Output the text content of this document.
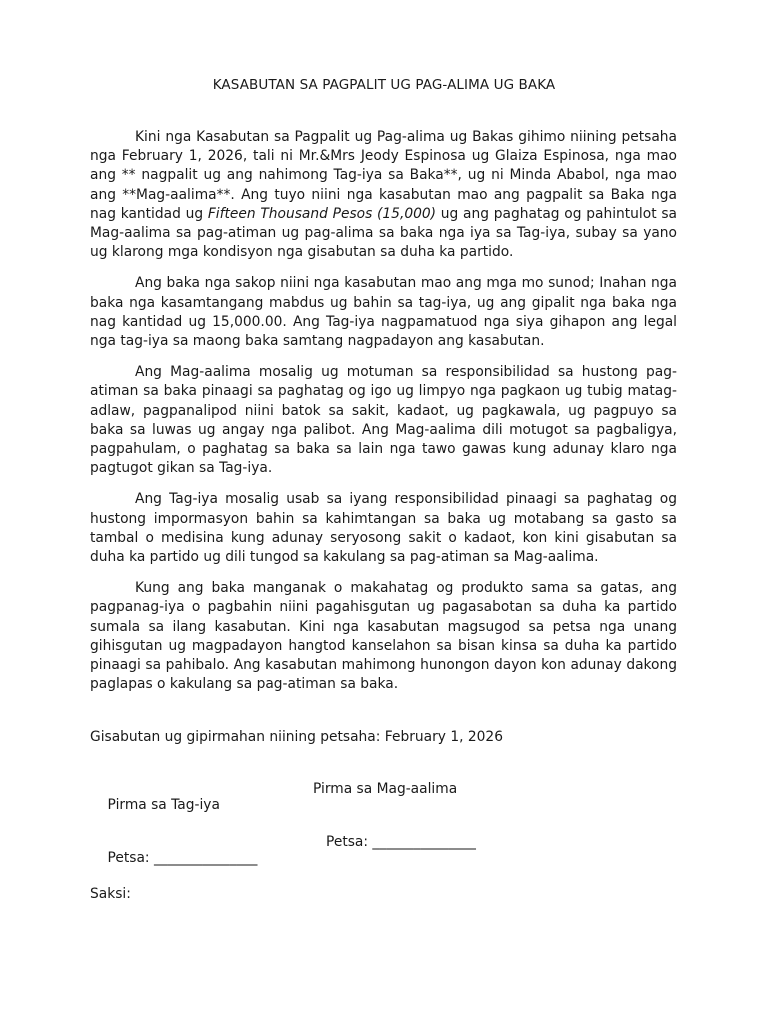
KASABUTAN SA PAGPALIT UG PAG-ALIMA UG BAKA

Kini nga Kasabutan sa Pagpalit ug Pag-alima ug Bakas gihimo niining petsaha nga February 1, 2026, tali ni Mr.&Mrs Jeody Espinosa ug Glaiza Espinosa, nga mao ang ** nagpalit ug ang nahimong Tag-iya sa Baka**, ug ni Minda Ababol, nga mao ang **Mag-aalima**. Ang tuyo niini nga kasabutan mao ang pagpalit sa Baka nga nag kantidad ug Fifteen Thousand Pesos (15,000) ug ang paghatag og pahintulot sa Mag-aalima sa pag-atiman ug pag-alima sa baka nga iya sa Tag-iya, subay sa yano ug klarong mga kondisyon nga gisabutan sa duha ka partido.

Ang baka nga sakop niini nga kasabutan mao ang mga mo sunod; Inahan nga baka nga kasamtangang mabdus ug bahin sa tag-iya, ug ang gipalit nga baka nga nag kantidad ug 15,000.00. Ang Tag-iya nagpamatuod nga siya gihapon ang legal nga tag-iya sa maong baka samtang nagpadayon ang kasabutan.

Ang Mag-aalima mosalig ug motuman sa responsibilidad sa hustong pag-atiman sa baka pinaagi sa paghatag og igo ug limpyo nga pagkaon ug tubig matag-adlaw, pagpanalipod niini batok sa sakit, kadaot, ug pagkawala, ug pagpuyo sa baka sa luwas ug angay nga palibot. Ang Mag-aalima dili motugot sa pagbaligya, pagpahulam, o paghatag sa baka sa lain nga tawo gawas kung adunay klaro nga pagtugot gikan sa Tag-iya.

Ang Tag-iya mosalig usab sa iyang responsibilidad pinaagi sa paghatag og hustong impormasyon bahin sa kahimtangan sa baka ug motabang sa gasto sa tambal o medisina kung adunay seryosong sakit o kadaot, kon kini gisabutan sa duha ka partido ug dili tungod sa kakulang sa pag-atiman sa Mag-aalima.

Kung ang baka manganak o makahatag og produkto sama sa gatas, ang pagpanag-iya o pagbahin niini pagahisgutan ug pagasabotan sa duha ka partido sumala sa ilang kasabutan. Kini nga kasabutan magsugod sa petsa nga unang gihisgutan ug magpadayon hangtod kanselahon sa bisan kinsa sa duha ka partido pinaagi sa pahibalo. Ang kasabutan mahimong hunongon dayon kon adunay dakong paglapas o kakulang sa pag-atiman sa baka.

Gisabutan ug gipirmahan niining petsaha: February 1, 2026

Pirma sa Tag-iya

Pirma sa Mag-aalima

Petsa: _______________

Petsa: _______________

Saksi:
